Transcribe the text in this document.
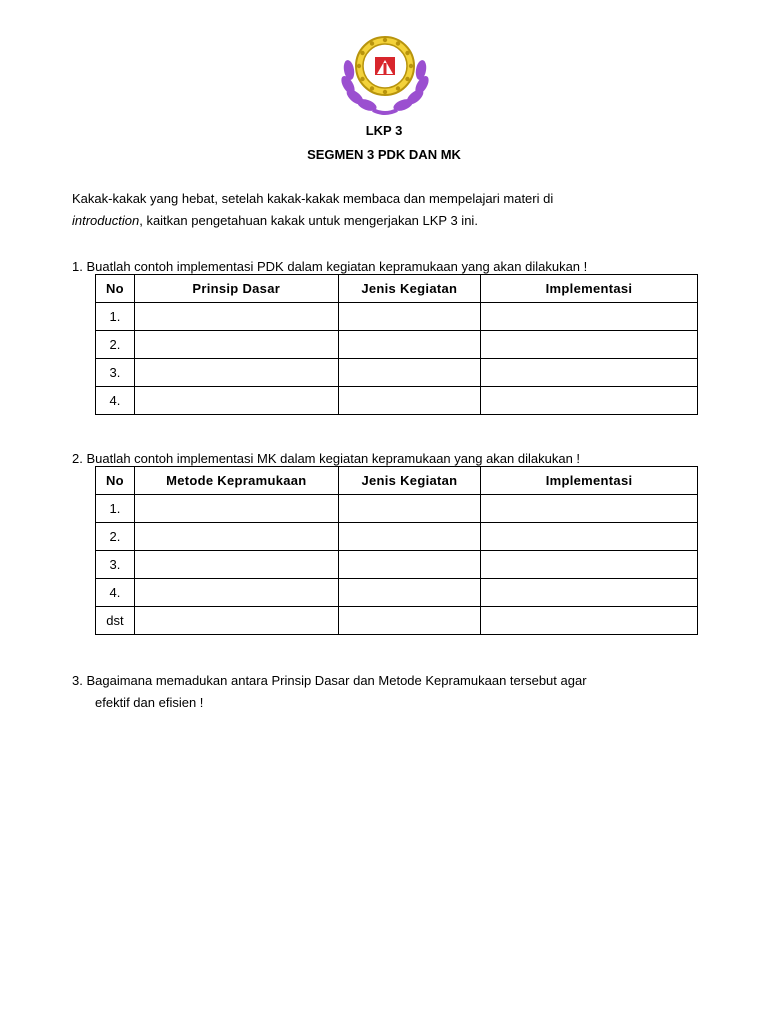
LKP 3
SEGMEN 3 PDK DAN MK
Kakak-kakak yang hebat, setelah kakak-kakak membaca dan mempelajari materi di
introduction, kaitkan pengetahuan kakak untuk mengerjakan LKP 3 ini.
1. Buatlah contoh implementasi PDK dalam kegiatan kepramukaan yang akan dilakukan !
No	Prinsip Dasar	Jenis Kegiatan	Implementasi
1.			
2.			
3.			
4.			
2. Buatlah contoh implementasi MK dalam kegiatan kepramukaan yang akan dilakukan !
No	Metode Kepramukaan	Jenis Kegiatan	Implementasi
1.			
2.			
3.			
4.			
dst			
3. Bagaimana memadukan antara Prinsip Dasar dan Metode Kepramukaan tersebut agar
efektif dan efisien !
